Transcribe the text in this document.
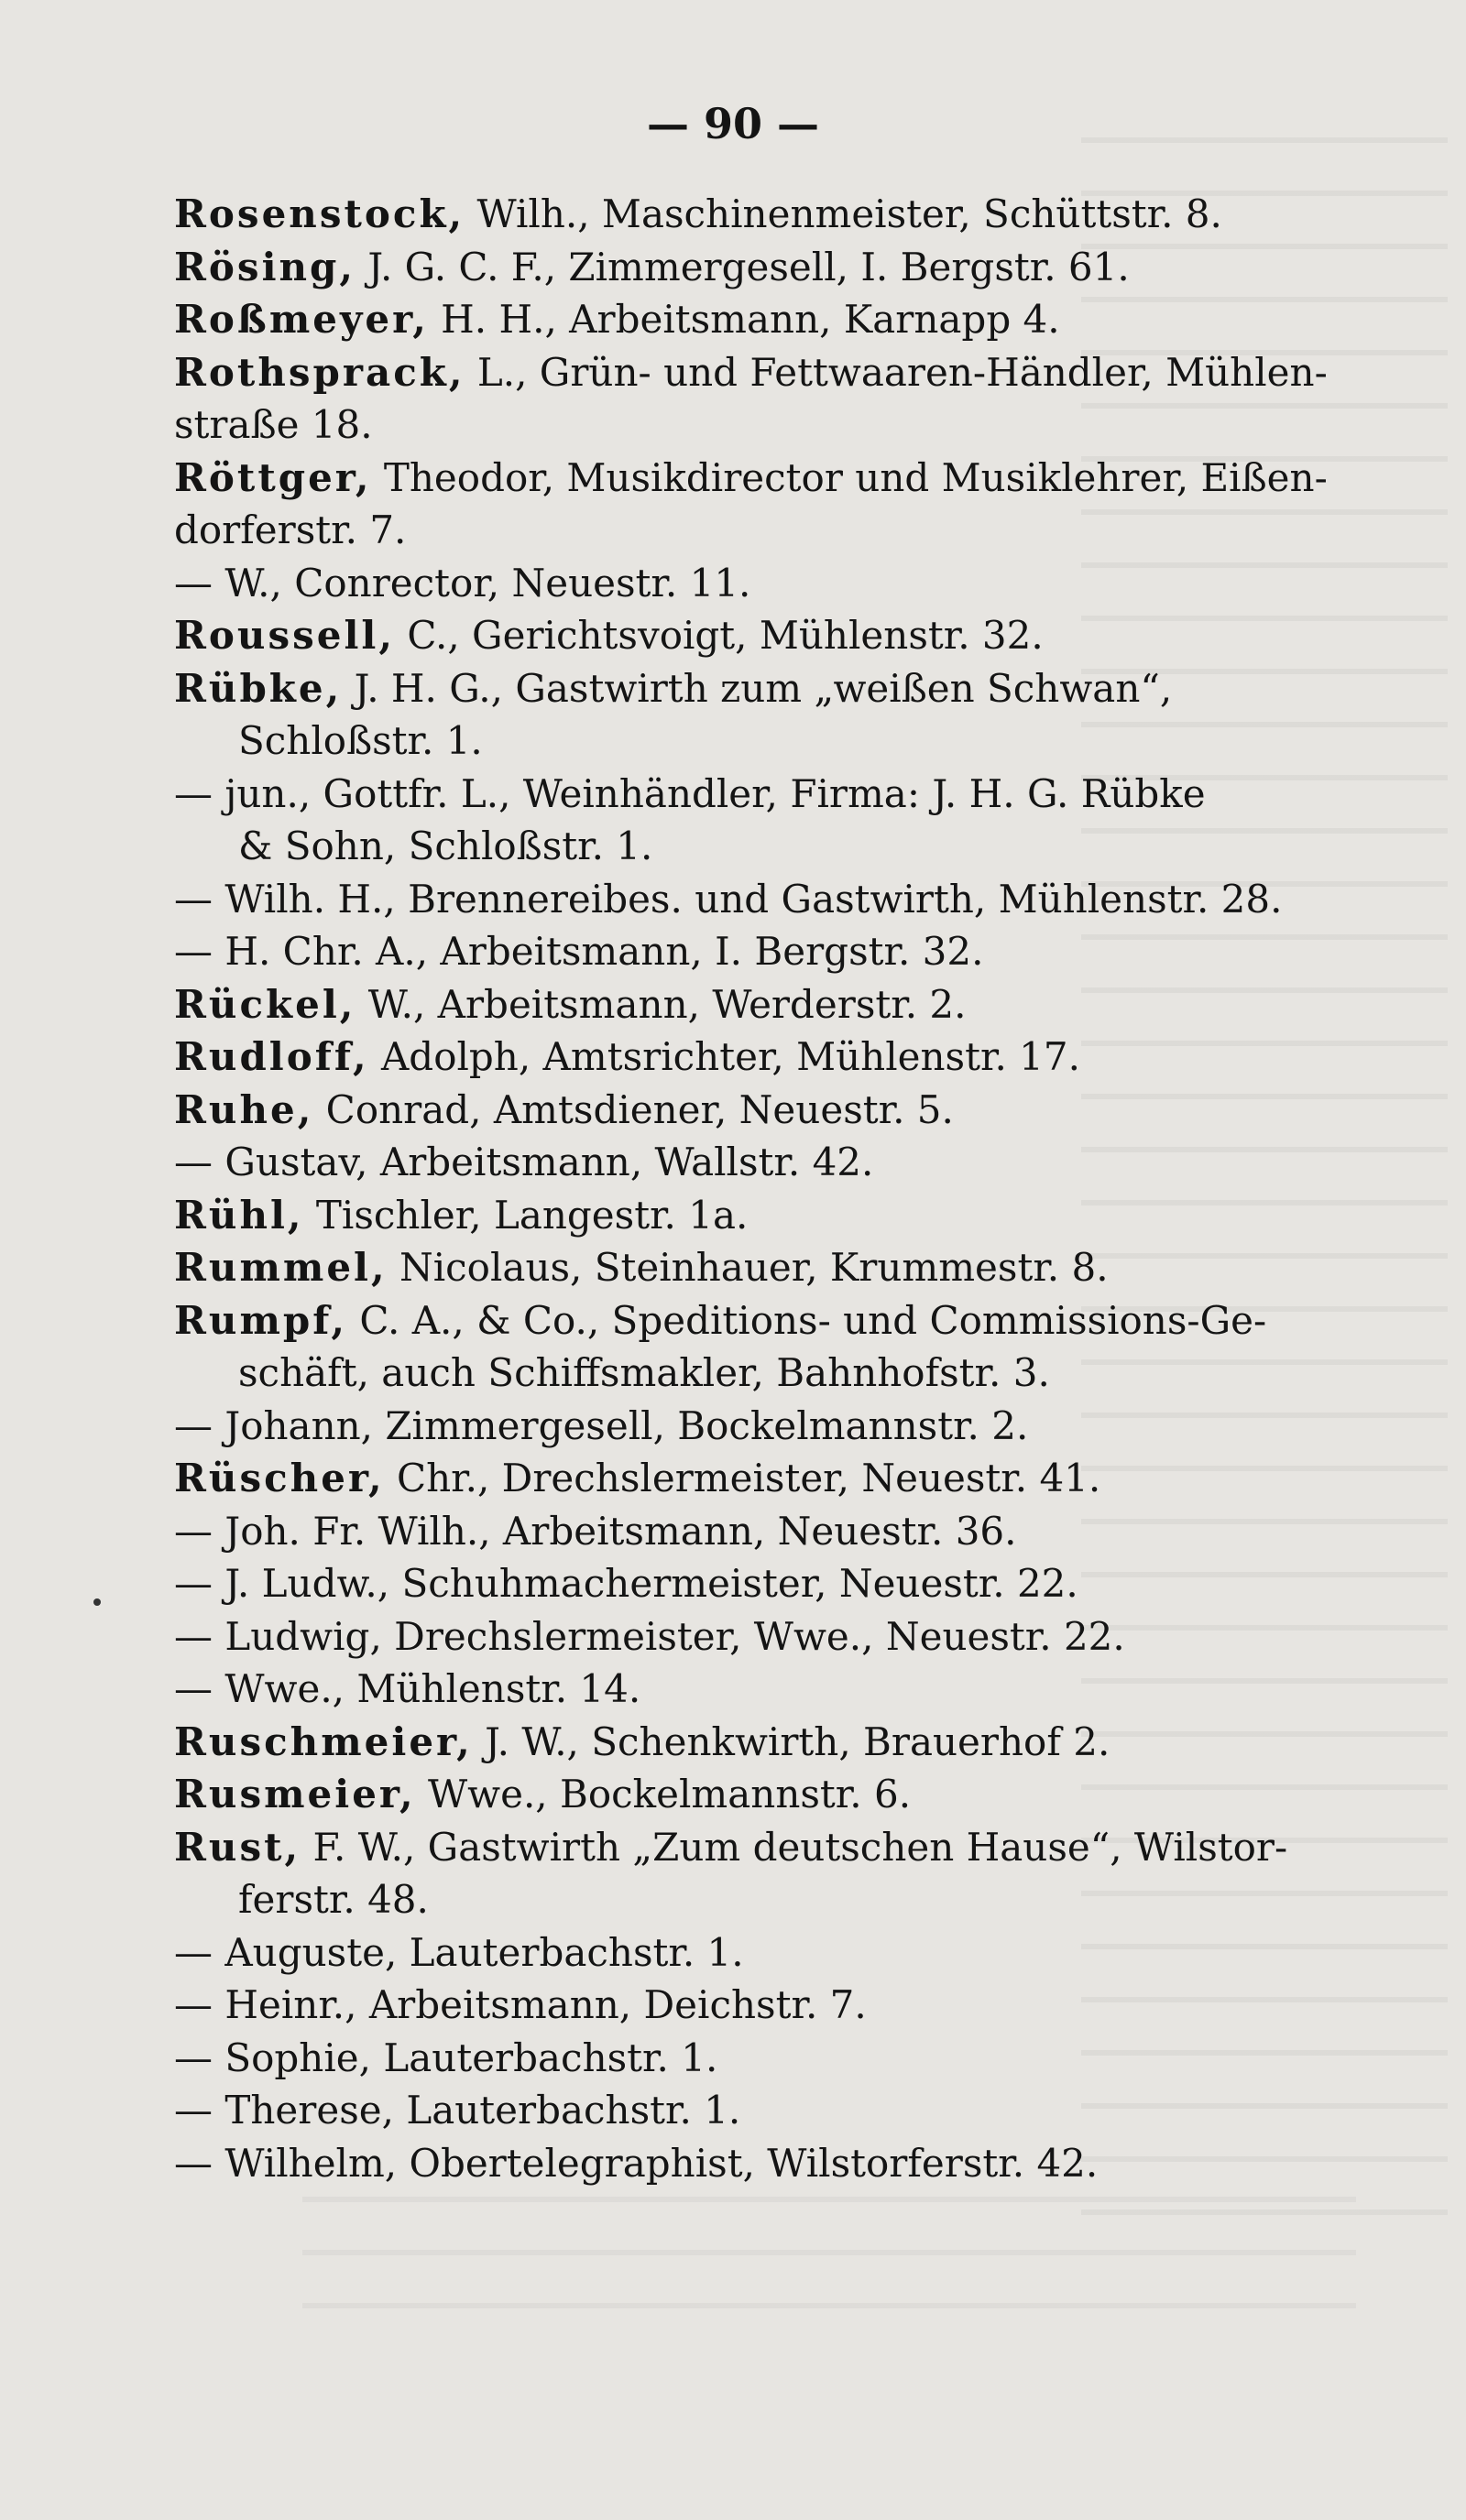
— 90 —
Rosenstock, Wilh., Maschinenmeister, Schüttstr. 8.
Rösing, J. G. C. F., Zimmergesell, I. Bergstr. 61.
Roßmeyer, H. H., Arbeitsmann, Karnapp 4.
Rothsprack, L., Grün- und Fettwaaren-Händler, Mühlen-
straße 18.
Röttger, Theodor, Musikdirector und Musiklehrer, Eißen-
dorferstr. 7.
— W., Conrector, Neuestr. 11.
Roussell, C., Gerichtsvoigt, Mühlenstr. 32.
Rübke, J. H. G., Gastwirth zum „weißen Schwan“,
Schloßstr. 1.
— jun., Gottfr. L., Weinhändler, Firma: J. H. G. Rübke
& Sohn, Schloßstr. 1.
— Wilh. H., Brennereibes. und Gastwirth, Mühlenstr. 28.
— H. Chr. A., Arbeitsmann, I. Bergstr. 32.
Rückel, W., Arbeitsmann, Werderstr. 2.
Rudloff, Adolph, Amtsrichter, Mühlenstr. 17.
Ruhe, Conrad, Amtsdiener, Neuestr. 5.
— Gustav, Arbeitsmann, Wallstr. 42.
Rühl, Tischler, Langestr. 1a.
Rummel, Nicolaus, Steinhauer, Krummestr. 8.
Rumpf, C. A., & Co., Speditions- und Commissions-Ge-
schäft, auch Schiffsmakler, Bahnhofstr. 3.
— Johann, Zimmergesell, Bockelmannstr. 2.
Rüscher, Chr., Drechslermeister, Neuestr. 41.
— Joh. Fr. Wilh., Arbeitsmann, Neuestr. 36.
— J. Ludw., Schuhmachermeister, Neuestr. 22.
— Ludwig, Drechslermeister, Wwe., Neuestr. 22.
— Wwe., Mühlenstr. 14.
Ruschmeier, J. W., Schenkwirth, Brauerhof 2.
Rusmeier, Wwe., Bockelmannstr. 6.
Rust, F. W., Gastwirth „Zum deutschen Hause“, Wilstor-
ferstr. 48.
— Auguste, Lauterbachstr. 1.
— Heinr., Arbeitsmann, Deichstr. 7.
— Sophie, Lauterbachstr. 1.
— Therese, Lauterbachstr. 1.
— Wilhelm, Obertelegraphist, Wilstorferstr. 42.
